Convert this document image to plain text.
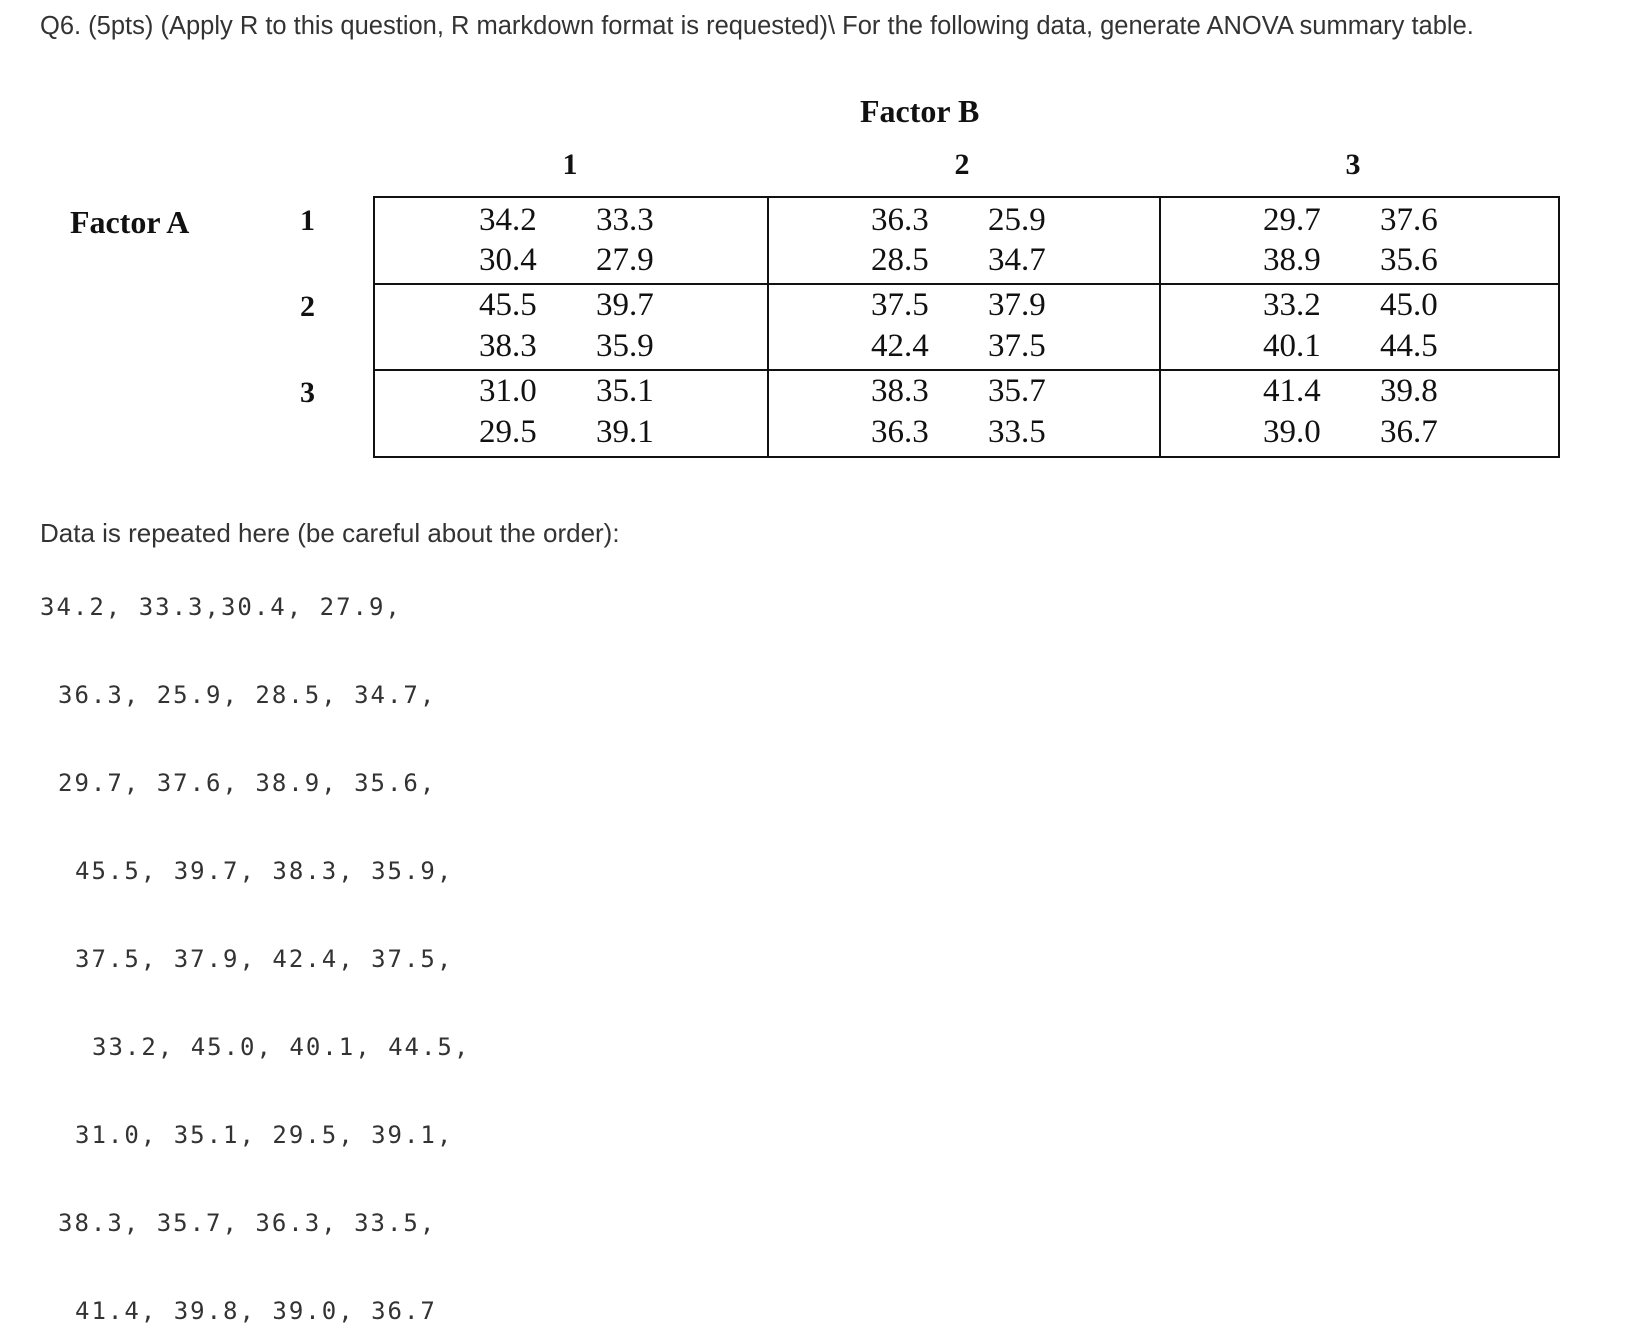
Q6. (5pts) (Apply R to this question, R markdown format is requested)\ For the following data, generate ANOVA summary table.
Factor B
Factor A
1	2	3
1
2
3
34.2 33.3
30.4 27.9
36.3 25.9
28.5 34.7
29.7 37.6
38.9 35.6
45.5 39.7
38.3 35.9
37.5 37.9
42.4 37.5
33.2 45.0
40.1 44.5
31.0 35.1
29.5 39.1
38.3 35.7
36.3 33.5
41.4 39.8
39.0 36.7
Data is repeated here (be careful about the order):
34.2, 33.3,30.4, 27.9,
36.3, 25.9, 28.5, 34.7,
29.7, 37.6, 38.9, 35.6,
45.5, 39.7, 38.3, 35.9,
37.5, 37.9, 42.4, 37.5,
33.2, 45.0, 40.1, 44.5,
31.0, 35.1, 29.5, 39.1,
38.3, 35.7, 36.3, 33.5,
41.4, 39.8, 39.0, 36.7
